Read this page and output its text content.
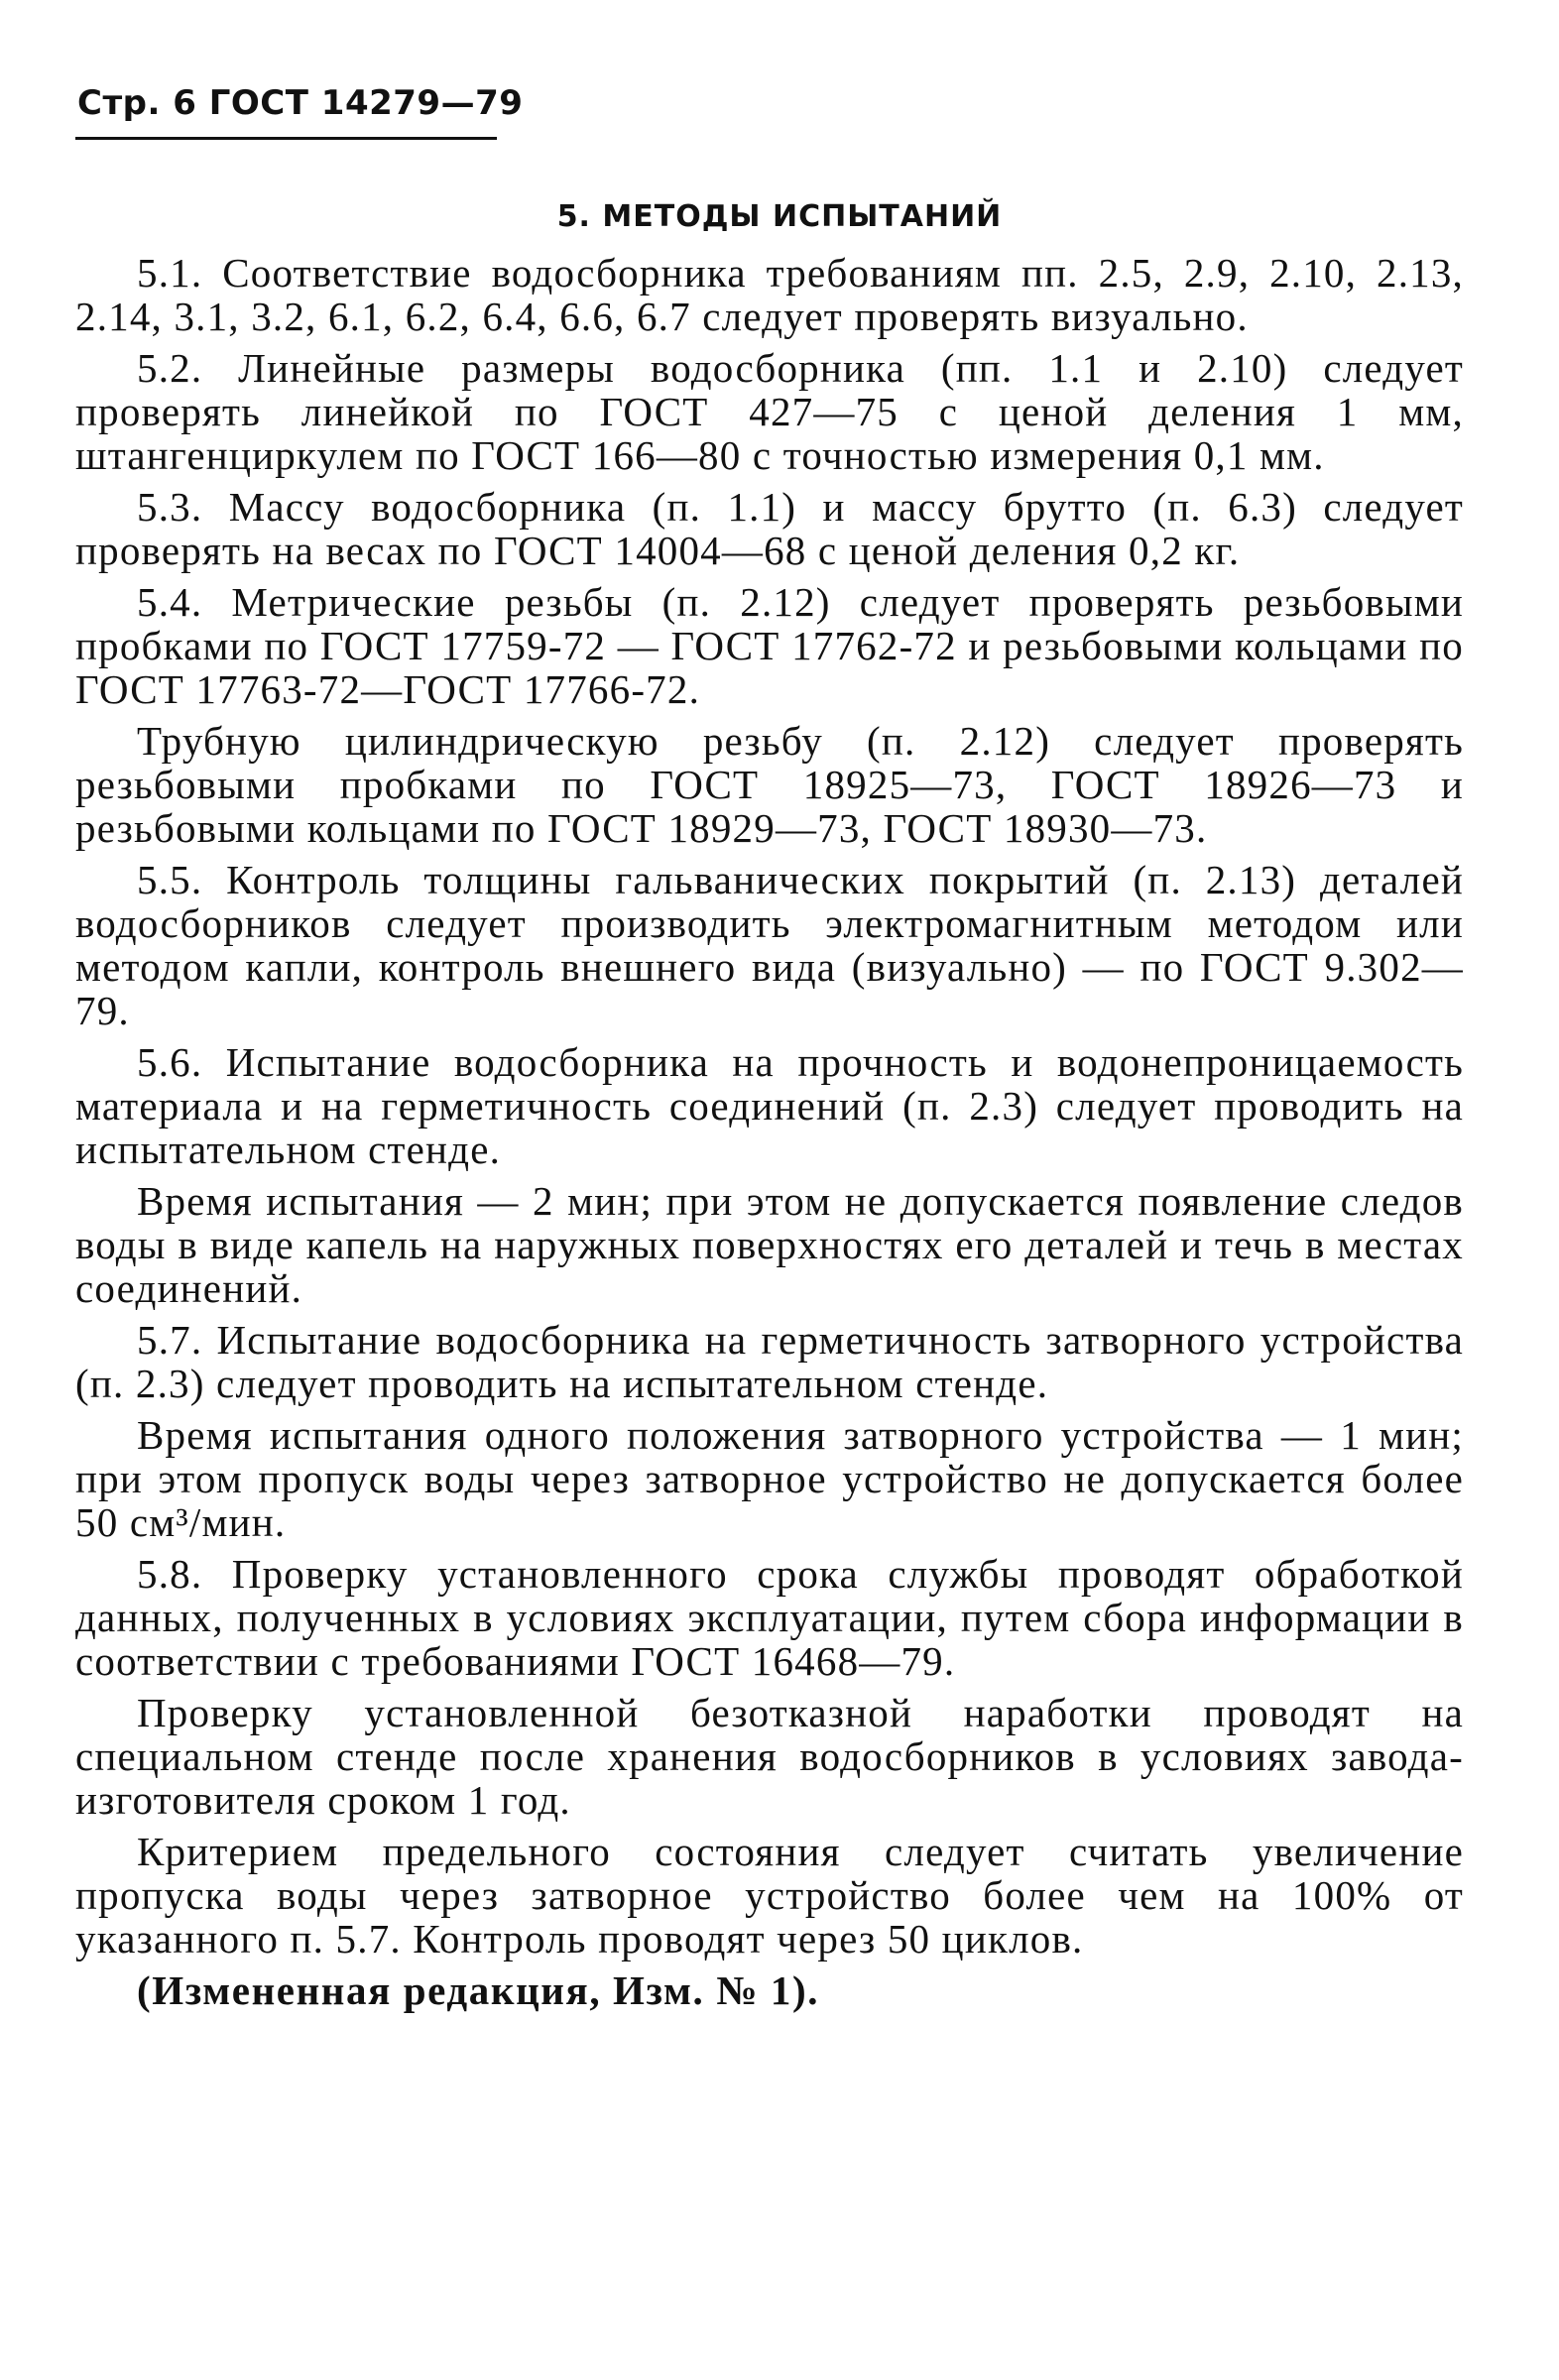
Стр. 6 ГОСТ 14279—79
5. МЕТОДЫ ИСПЫТАНИЙ

5.1. Соответствие водосборника требованиям пп. 2.5, 2.9, 2.10, 2.13, 2.14, 3.1, 3.2, 6.1, 6.2, 6.4, 6.6, 6.7 следует проверять визуально.

5.2. Линейные размеры водосборника (пп. 1.1 и 2.10) следует проверять линейкой по ГОСТ 427—75 с ценой деления 1 мм, штангенциркулем по ГОСТ 166—80 с точностью измерения 0,1 мм.

5.3. Массу водосборника (п. 1.1) и массу брутто (п. 6.3) следует проверять на весах по ГОСТ 14004—68 с ценой деления 0,2 кг.

5.4. Метрические резьбы (п. 2.12) следует проверять резьбовыми пробками по ГОСТ 17759-72 — ГОСТ 17762-72 и резьбовыми кольцами по ГОСТ 17763-72—ГОСТ 17766-72.

Трубную цилиндрическую резьбу (п. 2.12) следует проверять резьбовыми пробками по ГОСТ 18925—73, ГОСТ 18926—73 и резьбовыми кольцами по ГОСТ 18929—73, ГОСТ 18930—73.

5.5. Контроль толщины гальванических покрытий (п. 2.13) деталей водосборников следует производить электромагнитным методом или методом капли, контроль внешнего вида (визуально) — по ГОСТ 9.302—79.

5.6. Испытание водосборника на прочность и водонепроницаемость материала и на герметичность соединений (п. 2.3) следует проводить на испытательном стенде.

Время испытания — 2 мин; при этом не допускается появление следов воды в виде капель на наружных поверхностях его деталей и течь в местах соединений.

5.7. Испытание водосборника на герметичность затворного устройства (п. 2.3) следует проводить на испытательном стенде.

Время испытания одного положения затворного устройства — 1 мин; при этом пропуск воды через затворное устройство не допускается более 50 см³/мин.

5.8. Проверку установленного срока службы проводят обработкой данных, полученных в условиях эксплуатации, путем сбора информации в соответствии с требованиями ГОСТ 16468—79.

Проверку установленной безотказной наработки проводят на специальном стенде после хранения водосборников в условиях завода-изготовителя сроком 1 год.

Критерием предельного состояния следует считать увеличение пропуска воды через затворное устройство более чем на 100% от указанного п. 5.7. Контроль проводят через 50 циклов.

(Измененная редакция, Изм. № 1).
